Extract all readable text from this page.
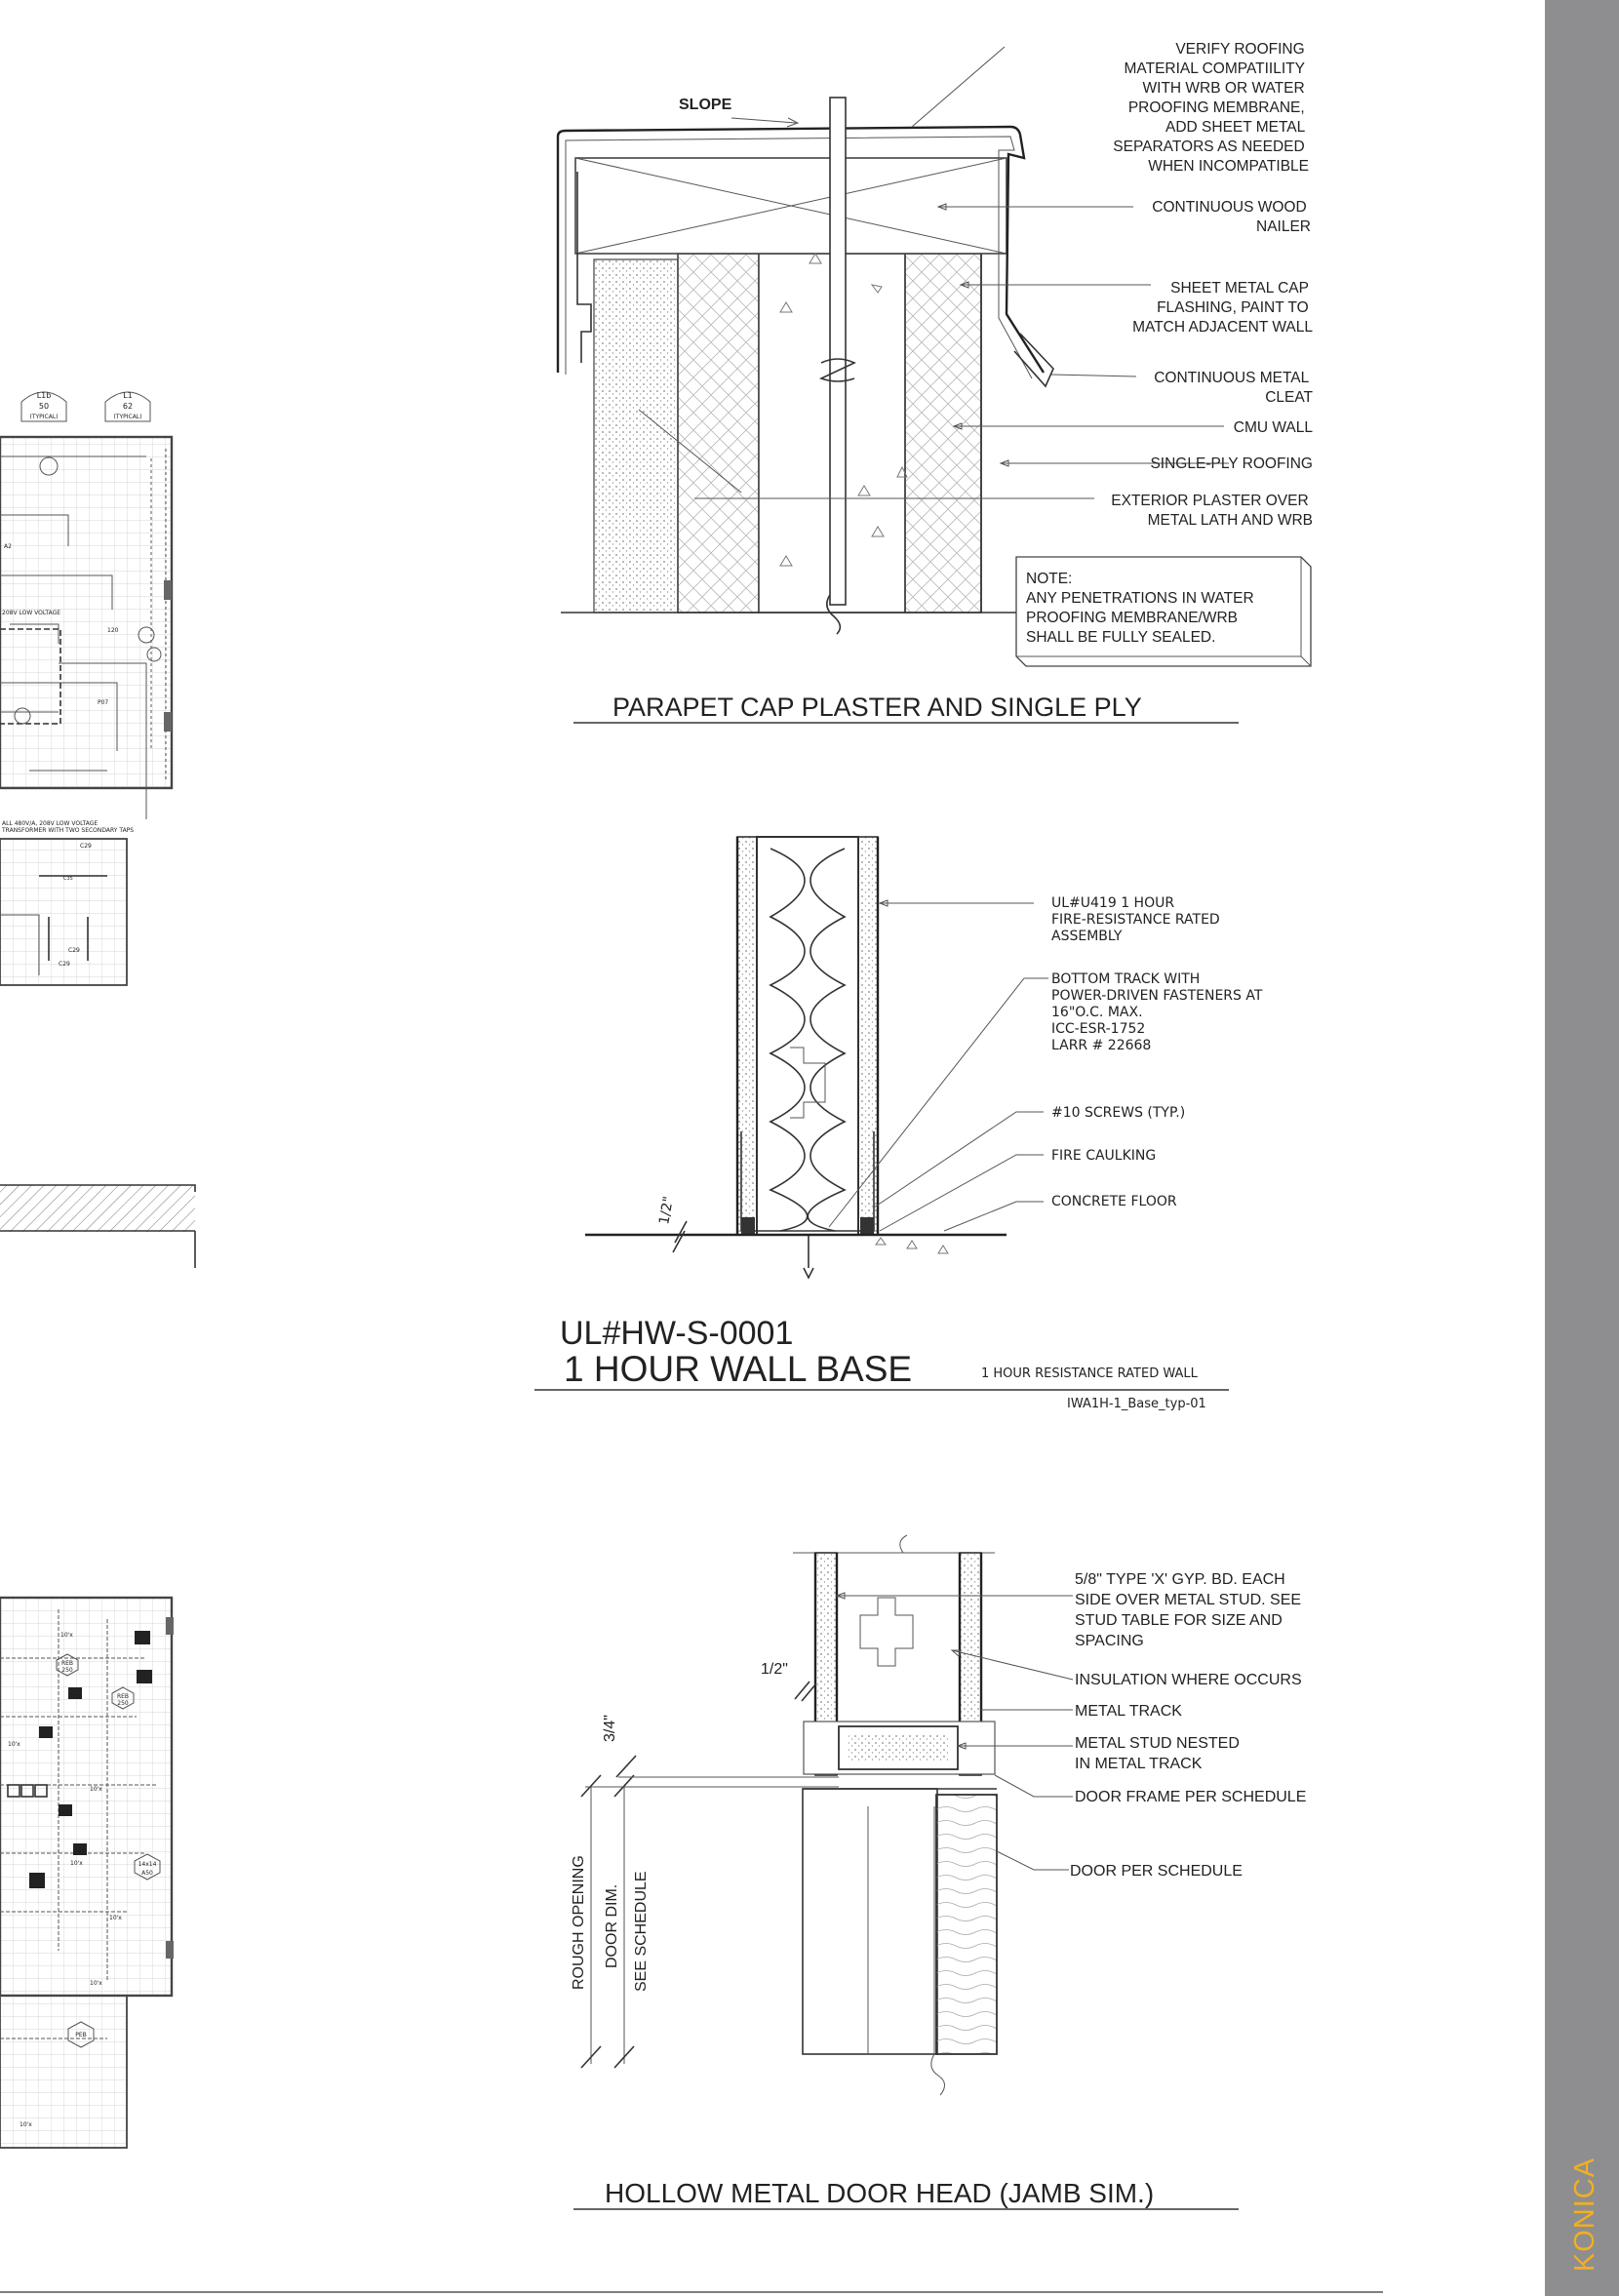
L1b
50
(TYPICAL)
L1
62
(TYPICAL)
208V LOW VOLTAGE
ALL 480V/A, 208V LOW VOLTAGE
TRANSFORMER WITH TWO SECONDARY TAPS
C29
C35
C29
A2
P07
120
C29
REB
250
14x14
A50
REB
250
PEB
10'x
10'x
10'x
10'x
10'x
10'x
10'x
SLOPE
VERIFY ROOFING MATERIAL COMPATIILITY WITH WRB OR WATER PROOFING MEMBRANE, ADD SHEET METAL SEPARATORS AS NEEDED WHEN INCOMPATIBLE
CONTINUOUS WOOD NAILER
SHEET METAL CAP FLASHING, PAINT TO MATCH ADJACENT WALL
CONTINUOUS METAL CLEAT
CMU WALL
SINGLE-PLY ROOFING
EXTERIOR PLASTER OVER METAL LATH AND WRB
NOTE: ANY PENETRATIONS IN WATER PROOFING MEMBRANE/WRB SHALL BE FULLY SEALED.
PARAPET CAP PLASTER AND SINGLE PLY
1/2"
UL#U419 1 HOUR FIRE-RESISTANCE RATED ASSEMBLY
BOTTOM TRACK WITH POWER-DRIVEN FASTENERS AT 16"O.C. MAX. ICC-ESR-1752 LARR # 22668
#10 SCREWS (TYP.)
FIRE CAULKING
CONCRETE FLOOR
UL#HW-S-0001
1 HOUR WALL BASE	1 HOUR RESISTANCE RATED WALL
IWA1H-1_Base_typ-01
1/2"
3/4"
ROUGH OPENING DOOR DIM. SEE SCHEDULE
5/8" TYPE 'X' GYP. BD. EACH SIDE OVER METAL STUD. SEE STUD TABLE FOR SIZE AND SPACING
INSULATION WHERE OCCURS
METAL TRACK
METAL STUD NESTED IN METAL TRACK
DOOR FRAME PER SCHEDULE
DOOR PER SCHEDULE
HOLLOW METAL DOOR HEAD (JAMB SIM.)	KONICA
